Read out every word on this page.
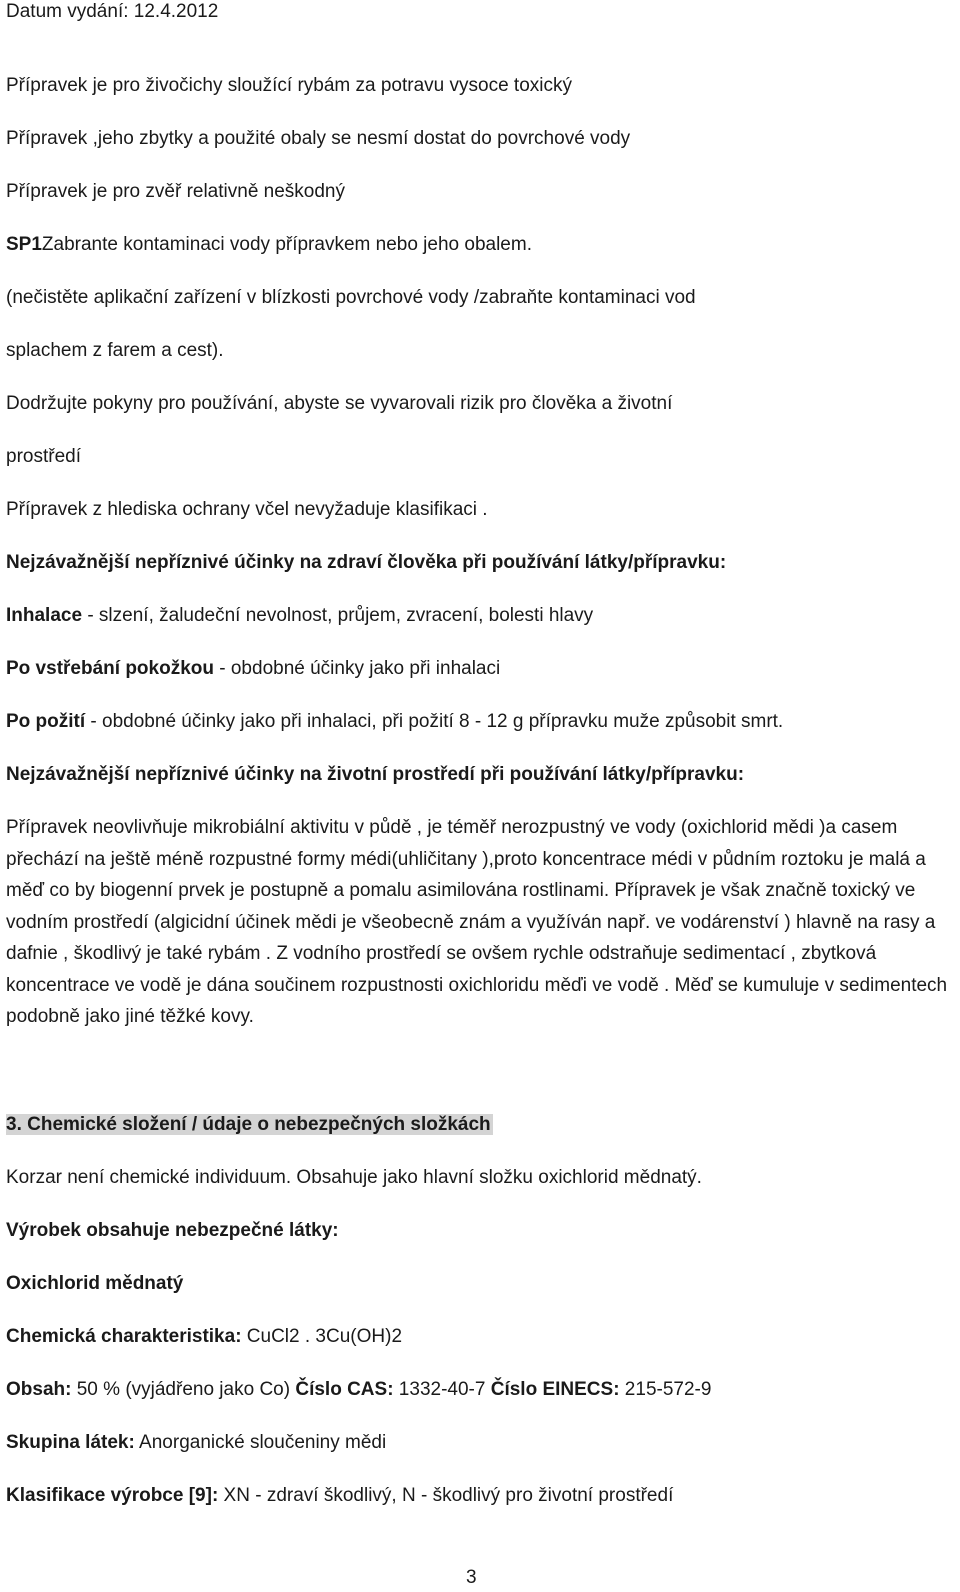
Datum vydání: 12.4.2012
Přípravek je pro živočichy sloužící rybám za potravu vysoce toxický
Přípravek ,jeho zbytky a použité obaly se nesmí dostat do povrchové vody
Přípravek je pro zvěř relativně neškodný
SP1Zabrante kontaminaci vody přípravkem nebo jeho obalem.
(nečistěte aplikační zařízení v blízkosti povrchové vody /zabraňte kontaminaci vod
splachem z farem a cest).
Dodržujte pokyny pro používání, abyste se vyvarovali rizik pro člověka a životní
prostředí
Přípravek z hlediska ochrany včel nevyžaduje klasifikaci .
Nejzávažnější nepříznivé účinky na zdraví člověka při používání látky/přípravku:
Inhalace - slzení, žaludeční nevolnost, průjem, zvracení, bolesti hlavy
Po vstřebání pokožkou - obdobné účinky jako při inhalaci
Po požití - obdobné účinky jako při inhalaci, při požití 8 - 12 g přípravku muže způsobit smrt.
Nejzávažnější nepříznivé účinky na životní prostředí při používání látky/přípravku:
Přípravek neovlivňuje mikrobiální aktivitu v půdě , je téměř nerozpustný ve vody (oxichlorid mědi )a casem přechází na ještě méně rozpustné formy médi(uhličitany ),proto koncentrace médi v půdním roztoku je malá a měď co by biogenní prvek je postupně a pomalu asimilována rostlinami. Přípravek je však značně toxický ve vodním prostředí (algicidní účinek mědi je všeobecně znám a využíván např. ve vodárenství ) hlavně na rasy a dafnie , škodlivý je také rybám . Z vodního prostředí se ovšem rychle odstraňuje sedimentací , zbytková koncentrace ve vodě je dána součinem rozpustnosti oxichloridu měďi ve vodě . Měď se kumuluje v sedimentech podobně jako jiné těžké kovy.
3. Chemické složení / údaje o nebezpečných složkách
Korzar není chemické individuum. Obsahuje jako hlavní složku oxichlorid mědnatý.
Výrobek obsahuje nebezpečné látky:
Oxichlorid mědnatý
Chemická charakteristika: CuCl2 . 3Cu(OH)2
Obsah: 50 % (vyjádřeno jako Co) Číslo CAS: 1332-40-7 Číslo EINECS: 215-572-9
Skupina látek: Anorganické sloučeniny mědi
Klasifikace výrobce [9]: XN - zdraví škodlivý, N - škodlivý pro životní prostředí
3
